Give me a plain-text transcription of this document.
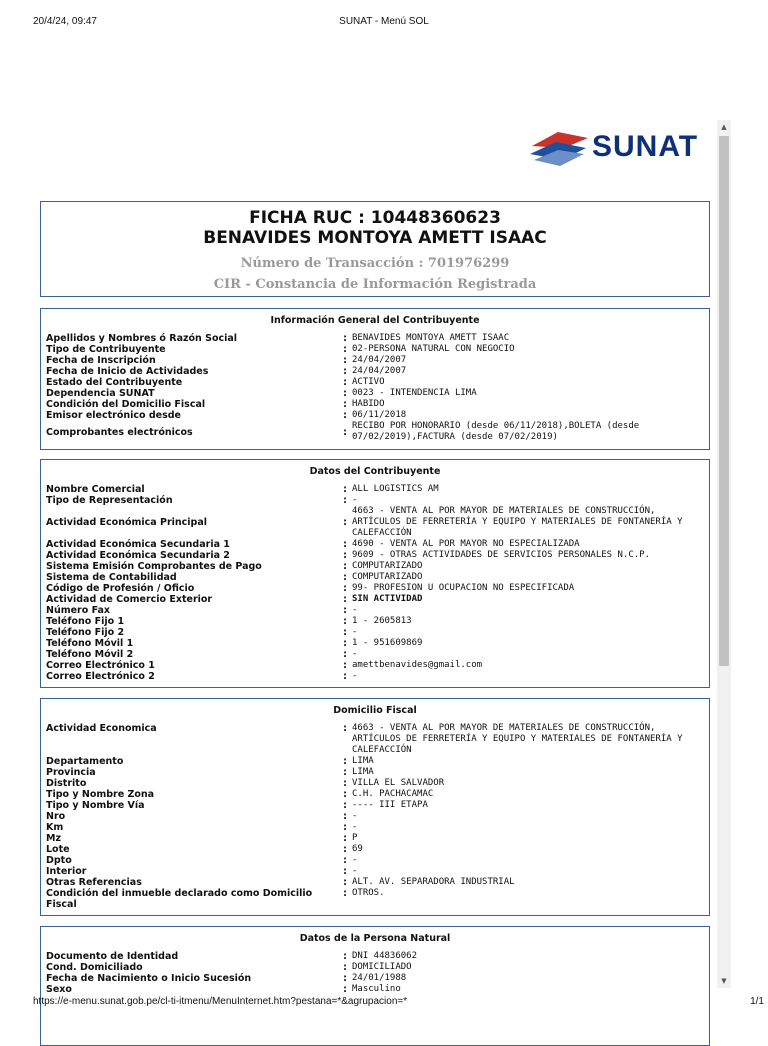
20/4/24, 09:47	SUNAT - Menú SOL
SUNAT
FICHA RUC : 10448360623
BENAVIDES MONTOYA AMETT ISAAC
Número de Transacción : 701976299
CIR - Constancia de Información Registrada
Información General del Contribuyente
Apellidos y Nombres ó Razón Social	: BENAVIDES MONTOYA AMETT ISAAC
Tipo de Contribuyente	: 02-PERSONA NATURAL CON NEGOCIO
Fecha de Inscripción	: 24/04/2007
Fecha de Inicio de Actividades	: 24/04/2007
Estado del Contribuyente	: ACTIVO
Dependencia SUNAT	: 0023 - INTENDENCIA LIMA
Condición del Domicilio Fiscal	: HABIDO
Emisor electrónico desde	: 06/11/2018
Comprobantes electrónicos	:
RECIBO POR HONORARIO (desde 06/11/2018),BOLETA (desde 07/02/2019),FACTURA (desde 07/02/2019)
Datos del Contribuyente
Nombre Comercial	: ALL LOGISTICS AM
Tipo de Representación	: -
Actividad Económica Principal	:
4663 - VENTA AL POR MAYOR DE MATERIALES DE CONSTRUCCIÓN, ARTÍCULOS DE FERRETERÍA Y EQUIPO Y MATERIALES DE FONTANERÍA Y CALEFACCIÓN
Actividad Económica Secundaria 1	: 4690 - VENTA AL POR MAYOR NO ESPECIALIZADA
Actividad Económica Secundaria 2	: 9609 - OTRAS ACTIVIDADES DE SERVICIOS PERSONALES N.C.P.
Sistema Emisión Comprobantes de Pago	: COMPUTARIZADO
Sistema de Contabilidad	: COMPUTARIZADO
Código de Profesión / Oficio	: 99- PROFESION U OCUPACION NO ESPECIFICADA
Actividad de Comercio Exterior	: SIN ACTIVIDAD
Número Fax	: -
Teléfono Fijo 1	: 1 - 2605813
Teléfono Fijo 2	: -
Teléfono Móvil 1	: 1 - 951609869
Teléfono Móvil 2	: -
Correo Electrónico 1	: amettbenavides@gmail.com
Correo Electrónico 2	: -
Domicilio Fiscal
Actividad Economica	: 4663 - VENTA AL POR MAYOR DE MATERIALES DE CONSTRUCCIÓN, ARTÍCULOS DE FERRETERÍA Y EQUIPO Y MATERIALES DE FONTANERÍA Y CALEFACCIÓN
Departamento	: LIMA
Provincia	: LIMA
Distrito	: VILLA EL SALVADOR
Tipo y Nombre Zona	: C.H. PACHACAMAC
Tipo y Nombre Vía	: ---- III ETAPA
Nro	: -
Km	: -
Mz	: P
Lote	: 69
Dpto	: -
Interior	: -
Otras Referencias	: ALT. AV. SEPARADORA INDUSTRIAL
Condición del inmueble declarado como Domicilio Fiscal
: OTROS.
Datos de la Persona Natural
Documento de Identidad	: DNI 44836062
Cond. Domiciliado	: DOMICILIADO
Fecha de Nacimiento o Inicio Sucesión	: 24/01/1988
Sexo	: Masculino
▲
▼
https://e-menu.sunat.gob.pe/cl-ti-itmenu/MenuInternet.htm?pestana=*&agrupacion=*	1/1
